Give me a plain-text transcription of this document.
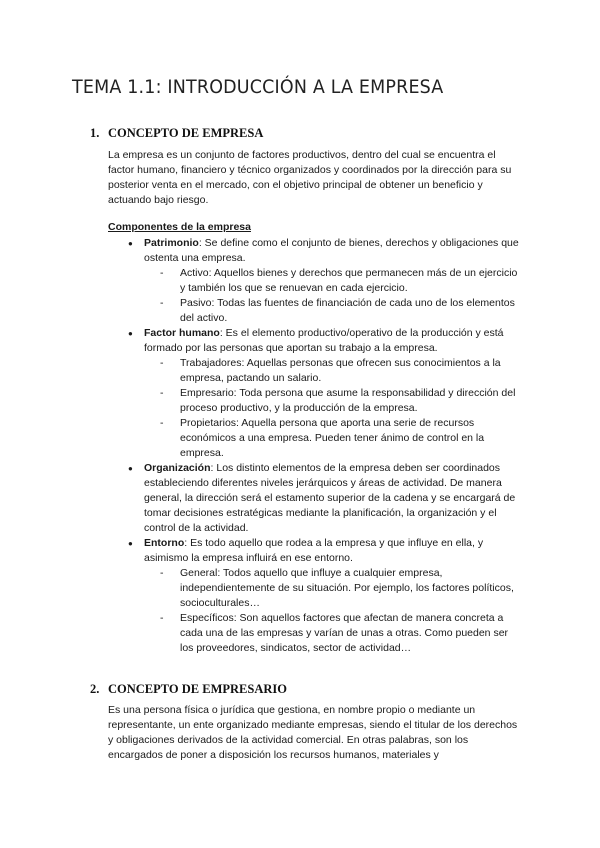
TEMA 1.1: INTRODUCCIÓN A LA EMPRESA
1. CONCEPTO DE EMPRESA
La empresa es un conjunto de factores productivos, dentro del cual se encuentra el factor humano, financiero y técnico organizados y coordinados por la dirección para su posterior venta en el mercado, con el objetivo principal de obtener un beneficio y actuando bajo riesgo.
Componentes de la empresa
● Patrimonio: Se define como el conjunto de bienes, derechos y obligaciones que ostenta una empresa.
- Activo: Aquellos bienes y derechos que permanecen más de un ejercicio y también los que se renuevan en cada ejercicio.
- Pasivo: Todas las fuentes de financiación de cada uno de los elementos del activo.
● Factor humano: Es el elemento productivo/operativo de la producción y está formado por las personas que aportan su trabajo a la empresa.
- Trabajadores: Aquellas personas que ofrecen sus conocimientos a la empresa, pactando un salario.
- Empresario: Toda persona que asume la responsabilidad y dirección del proceso productivo, y la producción de la empresa.
- Propietarios: Aquella persona que aporta una serie de recursos económicos a una empresa. Pueden tener ánimo de control en la empresa.
● Organización: Los distinto elementos de la empresa deben ser coordinados estableciendo diferentes niveles jerárquicos y áreas de actividad. De manera general, la dirección será el estamento superior de la cadena y se encargará de tomar decisiones estratégicas mediante la planificación, la organización y el control de la actividad.
● Entorno: Es todo aquello que rodea a la empresa y que influye en ella, y asimismo la empresa influirá en ese entorno.
- General: Todos aquello que influye a cualquier empresa, independientemente de su situación. Por ejemplo, los factores políticos, socioculturales…
- Específicos: Son aquellos factores que afectan de manera concreta a cada una de las empresas y varían de unas a otras. Como pueden ser los proveedores, sindicatos, sector de actividad…
2. CONCEPTO DE EMPRESARIO
Es una persona física o jurídica que gestiona, en nombre propio o mediante un representante, un ente organizado mediante empresas, siendo el titular de los derechos y obligaciones derivados de la actividad comercial. En otras palabras, son los encargados de poner a disposición los recursos humanos, materiales y
